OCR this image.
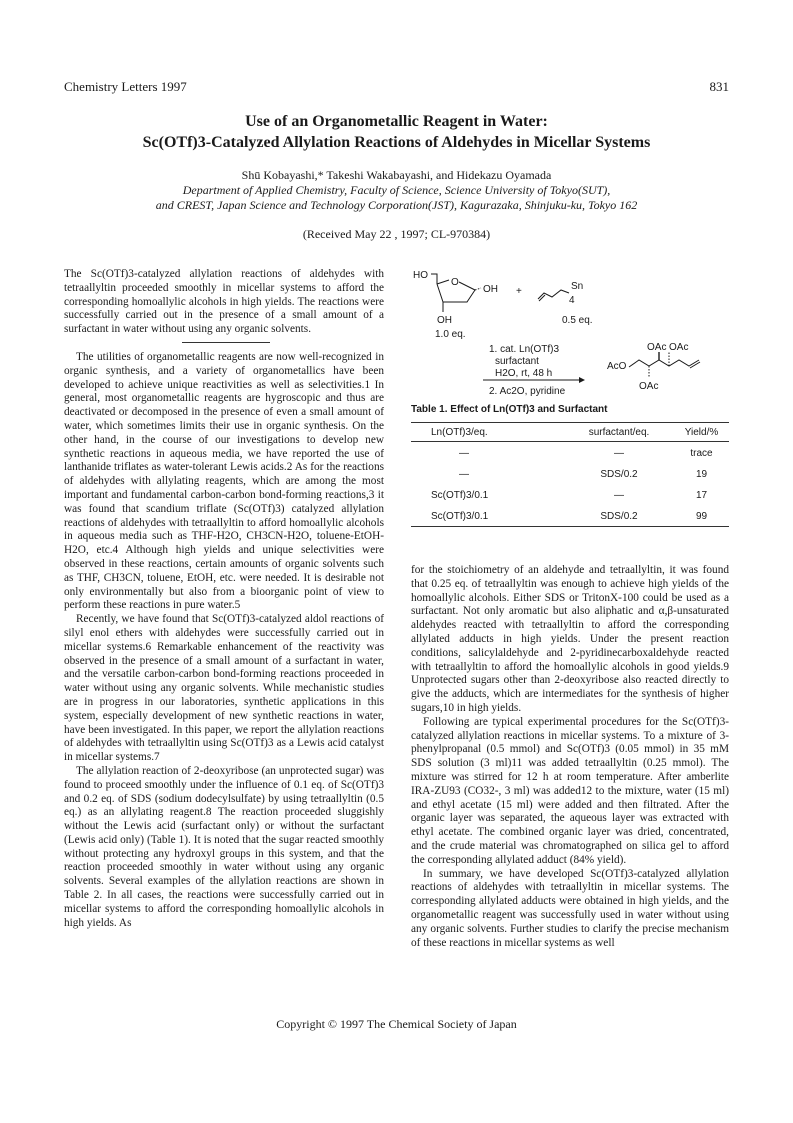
Chemistry Letters 1997	831
Use of an Organometallic Reagent in Water:
Sc(OTf)3-Catalyzed Allylation Reactions of Aldehydes in Micellar Systems
Shū Kobayashi,* Takeshi Wakabayashi, and Hidekazu Oyamada
Department of Applied Chemistry, Faculty of Science, Science University of Tokyo(SUT),
and CREST, Japan Science and Technology Corporation(JST), Kagurazaka, Shinjuku-ku, Tokyo 162
(Received May 22 , 1997; CL-970384)

The Sc(OTf)3-catalyzed allylation reactions of aldehydes with tetraallyltin proceeded smoothly in micellar systems to afford the corresponding homoallylic alcohols in high yields. The reactions were successfully carried out in the presence of a small amount of a surfactant in water without using any organic solvents.

The utilities of organometallic reagents are now well-recognized in organic synthesis, and a variety of organometallics have been developed to achieve unique reactivities as well as selectivities.1 In general, most organometallic reagents are hygroscopic and thus are deactivated or decomposed in the presence of even a small amount of water, which sometimes limits their use in organic synthesis. On the other hand, in the course of our investigations to develop new synthetic reactions in aqueous media, we have reported the use of lanthanide triflates as water-tolerant Lewis acids.2 As for the reactions of aldehydes with allylating reagents, which are among the most important and fundamental carbon-carbon bond-forming reactions,3 it was found that scandium triflate (Sc(OTf)3) catalyzed allylation reactions of aldehydes with tetraallyltin to afford homoallylic alcohols in aqueous media such as THF-H2O, CH3CN-H2O, toluene-EtOH-H2O, etc.4 Although high yields and unique selectivities were observed in these reactions, certain amounts of organic solvents such as THF, CH3CN, toluene, EtOH, etc. were needed. It is desirable not only environmentally but also from a bioorganic point of view to perform these reactions in pure water.5

Recently, we have found that Sc(OTf)3-catalyzed aldol reactions of silyl enol ethers with aldehydes were successfully carried out in micellar systems.6 Remarkable enhancement of the reactivity was observed in the presence of a small amount of a surfactant in water, and the versatile carbon-carbon bond-forming reactions proceeded in water without using any organic solvents. While mechanistic studies are in progress in our laboratories, synthetic applications in this system, especially development of new synthetic reactions in water, have been investigated. In this paper, we report the allylation reactions of aldehydes with tetraallyltin using Sc(OTf)3 as a Lewis acid catalyst in micellar systems.7

The allylation reaction of 2-deoxyribose (an unprotected sugar) was found to proceed smoothly under the influence of 0.1 eq. of Sc(OTf)3 and 0.2 eq. of SDS (sodium dodecylsulfate) by using tetraallyltin (0.5 eq.) as an allylating reagent.8 The reaction proceeded sluggishly without the Lewis acid (surfactant only) or without the surfactant (Lewis acid only) (Table 1). It is noted that the sugar reacted smoothly without protecting any hydroxyl groups in this system, and that the reaction proceeded smoothly in water without using any organic solvents. Several examples of the allylation reactions are shown in Table 2. In all cases, the reactions were successfully carried out in micellar systems to afford the corresponding homoallylic alcohols in high yields. As

HO
O
OH
OH
1.0 eq.
+	Sn
4
0.5 eq.
1. cat. Ln(OTf)3
surfactant
H2O, rt, 48 h
2. Ac2O, pyridine
AcO
OAc OAc
OAc
Table 1. Effect of Ln(OTf)3 and Surfactant
Ln(OTf)3/eq.	surfactant/eq.	Yield/%
—	—	trace
—	SDS/0.2	19
Sc(OTf)3/0.1	—	17
Sc(OTf)3/0.1	SDS/0.2	99

for the stoichiometry of an aldehyde and tetraallyltin, it was found that 0.25 eq. of tetraallyltin was enough to achieve high yields of the homoallylic alcohols. Either SDS or TritonX-100 could be used as a surfactant. Not only aromatic but also aliphatic and α,β-unsaturated aldehydes reacted with tetraallyltin to afford the corresponding allylated adducts in high yields. Under the present reaction conditions, salicylaldehyde and 2-pyridinecarboxaldehyde reacted with tetraallyltin to afford the homoallylic alcohols in good yields.9 Unprotected sugars other than 2-deoxyribose also reacted directly to give the adducts, which are intermediates for the synthesis of higher sugars,10 in high yields.

Following are typical experimental procedures for the Sc(OTf)3-catalyzed allylation reactions in micellar systems. To a mixture of 3-phenylpropanal (0.5 mmol) and Sc(OTf)3 (0.05 mmol) in 35 mM SDS solution (3 ml)11 was added tetraallyltin (0.25 mmol). The mixture was stirred for 12 h at room temperature. After amberlite IRA-ZU93 (CO32-, 3 ml) was added12 to the mixture, water (15 ml) and ethyl acetate (15 ml) were added and then filtrated. After the organic layer was separated, the aqueous layer was extracted with ethyl acetate. The combined organic layer was dried, concentrated, and the crude material was chromatographed on silica gel to afford the corresponding allylated adduct (84% yield).

In summary, we have developed Sc(OTf)3-catalyzed allylation reactions of aldehydes with tetraallyltin in micellar systems. The corresponding allylated adducts were obtained in high yields, and the organometallic reagent was successfully used in water without using any organic solvents. Further studies to clarify the precise mechanism of these reactions in micellar systems as well

Copyright © 1997 The Chemical Society of Japan
